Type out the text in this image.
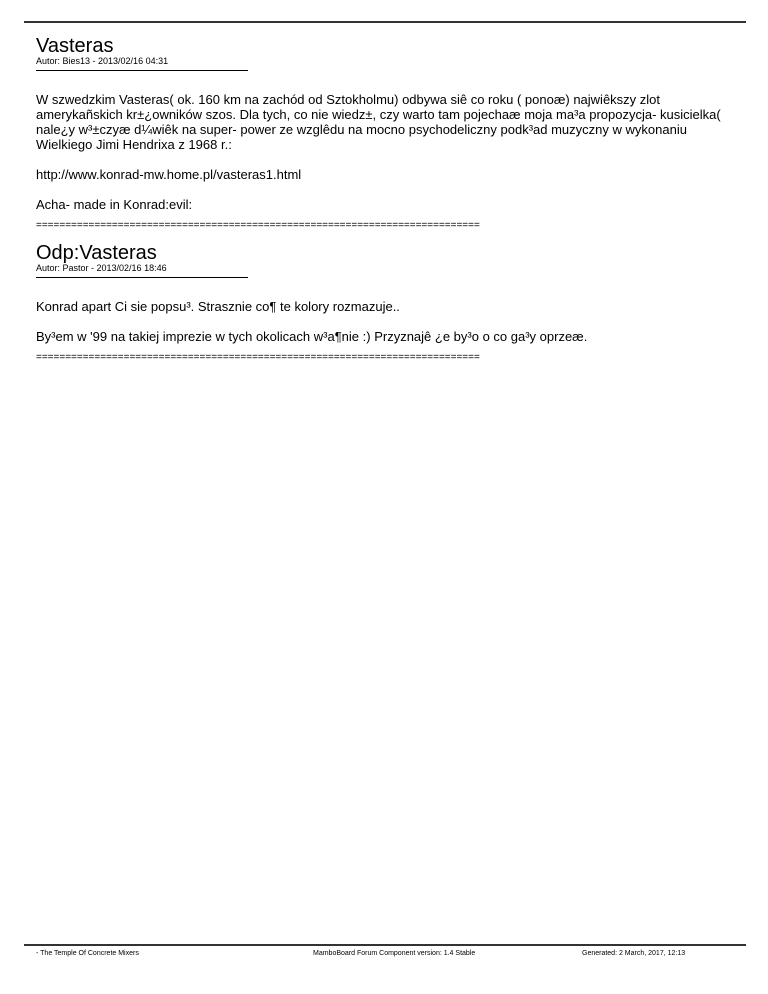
Vasteras
Autor: Bies13 - 2013/02/16 04:31

W szwedzkim Vasteras( ok. 160 km na zachód od Sztokholmu) odbywa siê co roku ( ponoæ) najwiêkszy zlot amerykañskich kr±¿owników szos. Dla tych, co nie wiedz±, czy warto tam pojechaæ moja ma³a propozycja- kusicielka( nale¿y w³±czyæ d¼wiêk na super- power ze wzglêdu na mocno psychodeliczny podk³ad muzyczny w wykonaniu Wielkiego Jimi Hendrixa z 1968 r.:

http://www.konrad-mw.home.pl/vasteras1.html

Acha- made in Konrad:evil:

============================================================================
Odp:Vasteras
Autor: Pastor - 2013/02/16 18:46

Konrad apart Ci sie popsu³. Strasznie co¶ te kolory rozmazuje..

By³em w '99 na takiej imprezie w tych okolicach w³a¶nie :) Przyznajê ¿e by³o o co ga³y oprzeæ.

============================================================================
- The Temple Of Concrete Mixers	MamboBoard Forum Component version: 1.4 Stable	Generated: 2 March, 2017, 12:13
